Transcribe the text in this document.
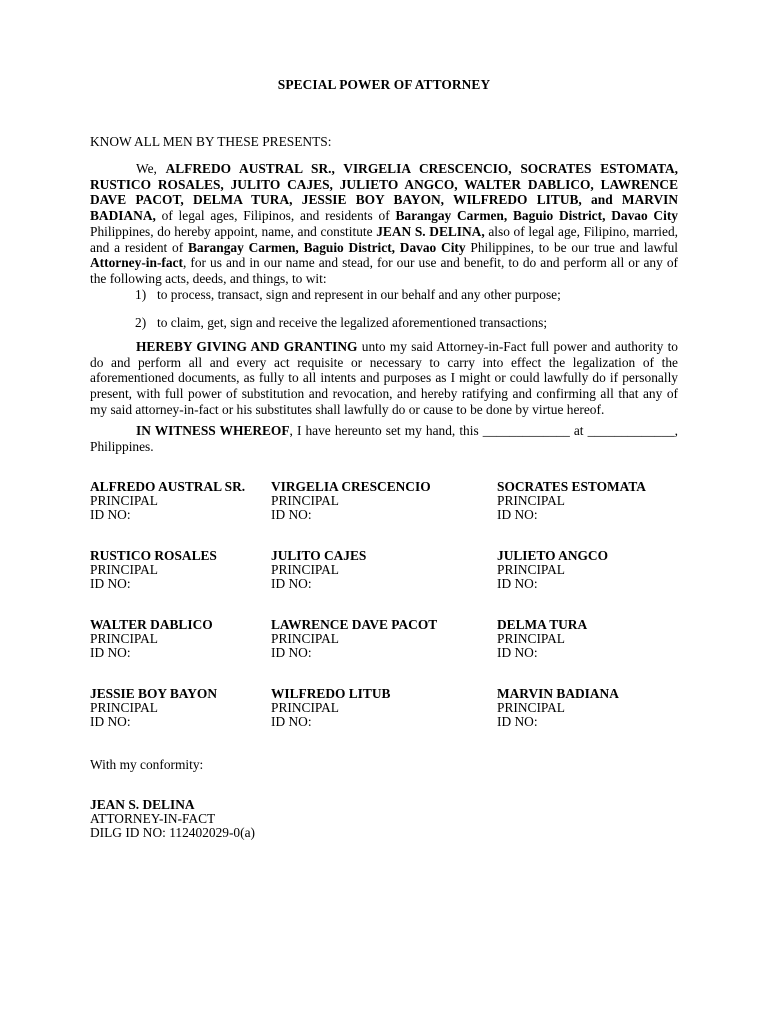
SPECIAL POWER OF ATTORNEY
KNOW ALL MEN BY THESE PRESENTS:
We, ALFREDO AUSTRAL SR., VIRGELIA CRESCENCIO, SOCRATES ESTOMATA, RUSTICO ROSALES, JULITO CAJES, JULIETO ANGCO, WALTER DABLICO, LAWRENCE DAVE PACOT, DELMA TURA, JESSIE BOY BAYON, WILFREDO LITUB, and MARVIN BADIANA, of legal ages, Filipinos, and residents of Barangay Carmen, Baguio District, Davao City Philippines, do hereby appoint, name, and constitute JEAN S. DELINA, also of legal age, Filipino, married, and a resident of Barangay Carmen, Baguio District, Davao City Philippines, to be our true and lawful Attorney-in-fact, for us and in our name and stead, for our use and benefit, to do and perform all or any of the following acts, deeds, and things, to wit:
1) to process, transact, sign and represent in our behalf and any other purpose;
2) to claim, get, sign and receive the legalized aforementioned transactions;
HEREBY GIVING AND GRANTING unto my said Attorney-in-Fact full power and authority to do and perform all and every act requisite or necessary to carry into effect the legalization of the aforementioned documents, as fully to all intents and purposes as I might or could lawfully do if personally present, with full power of substitution and revocation, and hereby ratifying and confirming all that any of my said attorney-in-fact or his substitutes shall lawfully do or cause to be done by virtue hereof.
IN WITNESS WHEREOF, I have hereunto set my hand, this _____________ at _____________, Philippines.
ALFREDO AUSTRAL SR.
PRINCIPAL
ID NO:
VIRGELIA CRESCENCIO
PRINCIPAL
ID NO:
SOCRATES ESTOMATA
PRINCIPAL
ID NO:
RUSTICO ROSALES
PRINCIPAL
ID NO:
JULITO CAJES
PRINCIPAL
ID NO:
JULIETO ANGCO
PRINCIPAL
ID NO:
WALTER DABLICO
PRINCIPAL
ID NO:
LAWRENCE DAVE PACOT
PRINCIPAL
ID NO:
DELMA TURA
PRINCIPAL
ID NO:
JESSIE BOY BAYON
PRINCIPAL
ID NO:
WILFREDO LITUB
PRINCIPAL
ID NO:
MARVIN BADIANA
PRINCIPAL
ID NO:
With my conformity:
JEAN S. DELINA
ATTORNEY-IN-FACT
DILG ID NO: 112402029-0(a)
